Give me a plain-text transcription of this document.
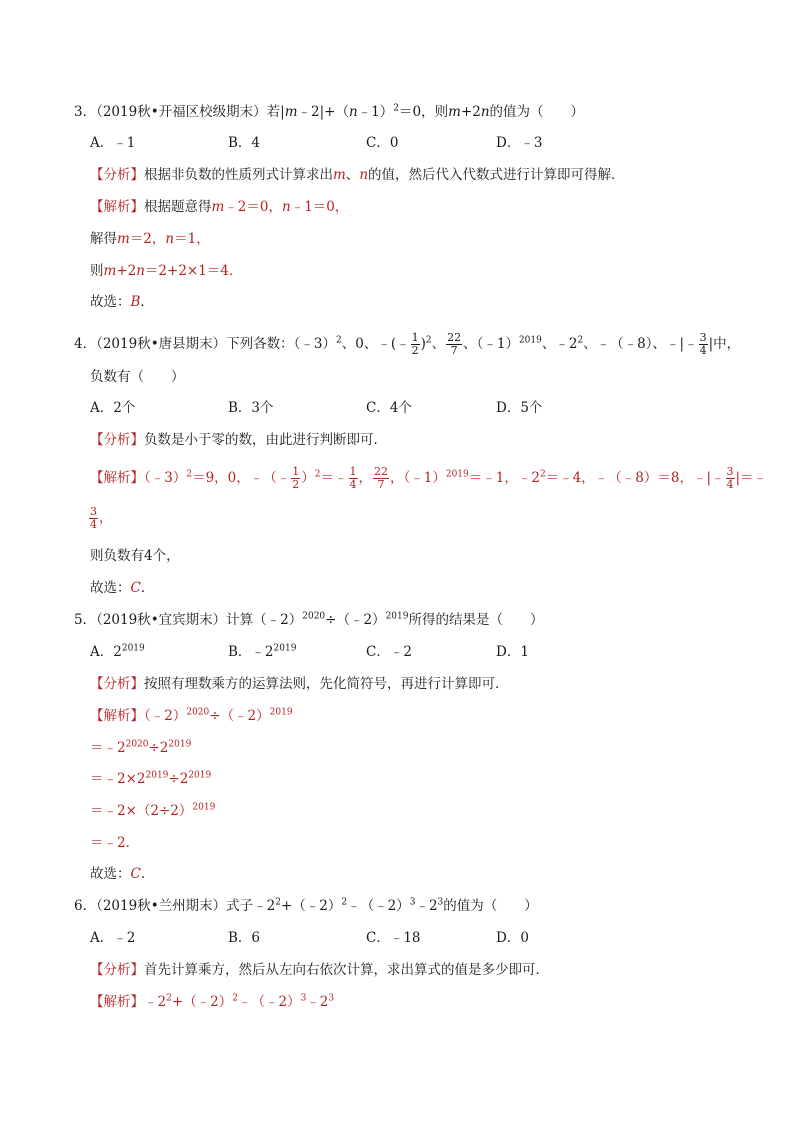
3．（2019秋•开福区校级期末）若|m﹣2|+（n﹣1）$^2$＝0，则m+2n的值为（　　）
A．﹣1	B．4	C．0	D．﹣3
【分析】根据非负数的性质列式计算求出m、n的值，然后代入代数式进行计算即可得解．
【解析】根据题意得m﹣2＝0，n﹣1＝0，
解得m＝2，n＝1，
则m+2n＝2+2×1＝4．
故选：B．
4．（2019秋•唐县期末）下列各数：（﹣3）$^2$、0、﹣(﹣ $\frac{1}{2} )^2$、 $\frac{22}{7}$ 、（﹣1）$^{2019}$、$﹣2^2$、﹣（﹣8）、﹣|﹣ $\frac{3}{4}$ |中，
负数有（　　）
A．2个	B．3个	C．4个	D．5个
【分析】负数是小于零的数，由此进行判断即可．
【解析】（﹣3）$^2$＝9，0，﹣（﹣ $\frac{1}{2}$ ）$^2$＝﹣ $\frac{1}{4}$ ， $\frac{22}{7}$ ，（﹣1）$^{2019}$＝﹣1，$﹣2^2=﹣4$，﹣（﹣8）＝8，﹣|﹣ $\frac{3}{4}$ |＝﹣
$\frac{3}{4}$ ，
则负数有4个，
故选：C．
5．（2019秋•宜宾期末）计算（﹣2）$^{2020}$÷（﹣2）$^{2019}$所得的结果是（　　）
A．$2^{2019}$	B．$﹣2^{2019}$	C．﹣2	D．1
【分析】按照有理数乘方的运算法则，先化简符号，再进行计算即可．
【解析】（﹣2）$^{2020}$÷（﹣2）$^{2019}$
$=﹣2^{2020}\div 2^{2019}$
$=﹣2\times 2^{2019}\div 2^{2019}$
$=﹣2\times(2\div 2)^{2019}$
＝﹣2．
故选：C．
6．（2019秋•兰州期末）式子$﹣2^2+(﹣2)^2﹣(﹣2)^3﹣2^3$的值为（　　）
A．﹣2	B．6	C．﹣18	D．0
【分析】首先计算乘方，然后从左向右依次计算，求出算式的值是多少即可．
【解析】$﹣2^2+(﹣2)^2﹣(﹣2)^3﹣2^3$
